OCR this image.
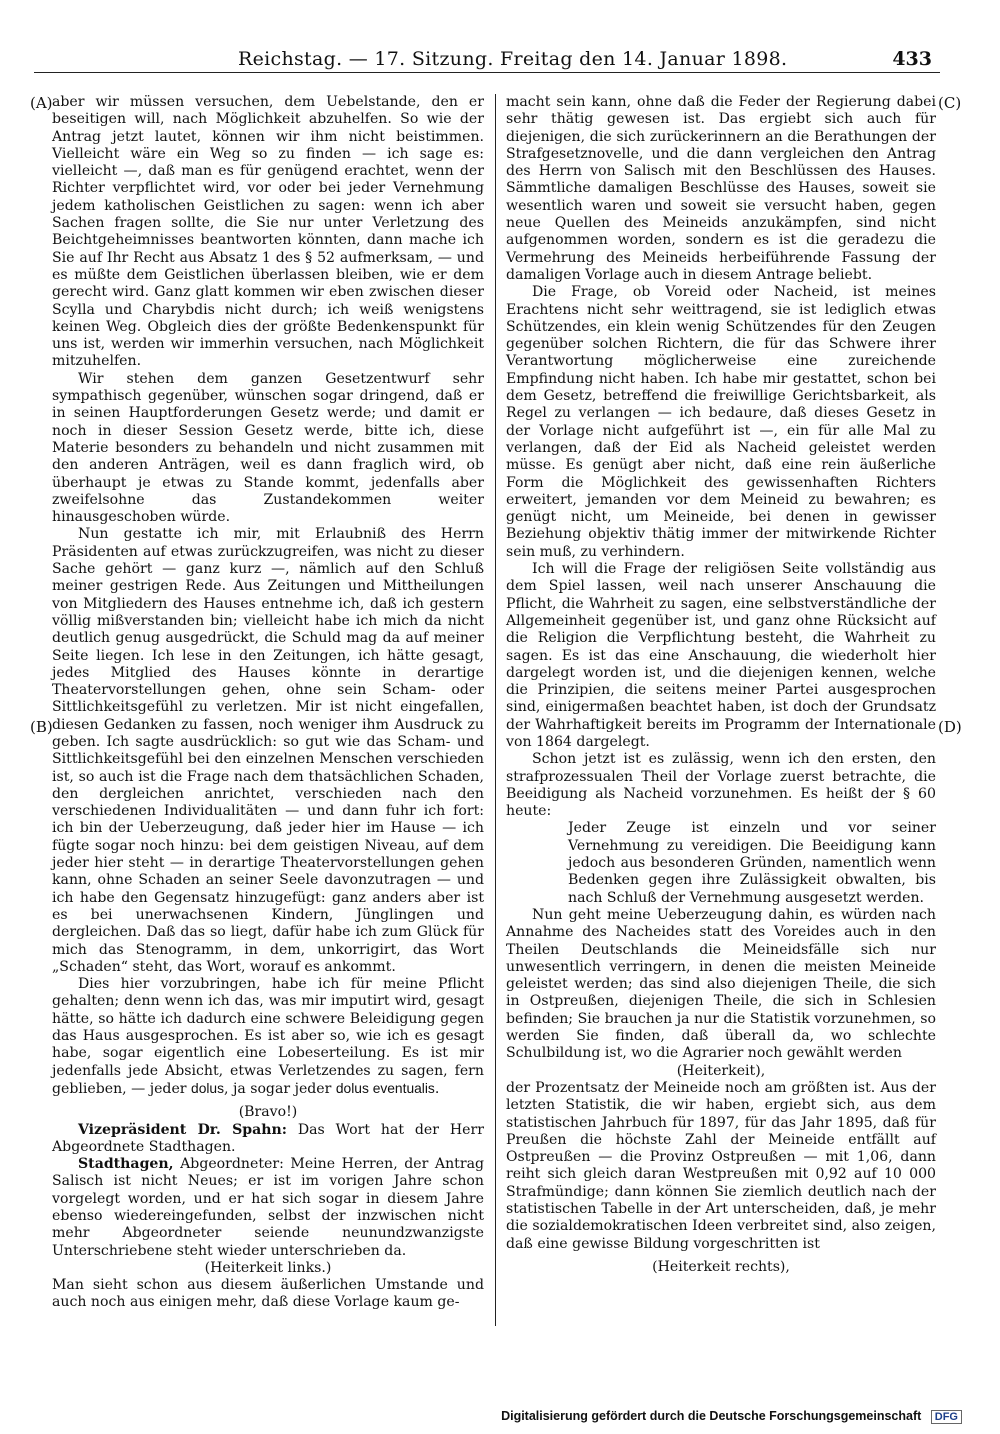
Reichstag. — 17. Sitzung. Freitag den 14. Januar 1898.	433
(A)
(B)
(C)
(D)

aber wir müssen versuchen, dem Uebelstande, den er beseitigen will, nach Möglichkeit abzuhelfen. So wie der Antrag jetzt lautet, können wir ihm nicht beistimmen. Vielleicht wäre ein Weg so zu finden — ich sage es: vielleicht —, daß man es für genügend erachtet, wenn der Richter verpflichtet wird, vor oder bei jeder Vernehmung jedem katholischen Geistlichen zu sagen: wenn ich aber Sachen fragen sollte, die Sie nur unter Verletzung des Beichtgeheimnisses beantworten könnten, dann mache ich Sie auf Ihr Recht aus Absatz 1 des § 52 aufmerksam, — und es müßte dem Geistlichen überlassen bleiben, wie er dem gerecht wird. Ganz glatt kommen wir eben zwischen dieser Scylla und Charybdis nicht durch; ich weiß wenigstens keinen Weg. Obgleich dies der größte Bedenkenspunkt für uns ist, werden wir immerhin versuchen, nach Möglichkeit mitzuhelfen.

Wir stehen dem ganzen Gesetzentwurf sehr sympathisch gegenüber, wünschen sogar dringend, daß er in seinen Hauptforderungen Gesetz werde; und damit er noch in dieser Session Gesetz werde, bitte ich, diese Materie besonders zu behandeln und nicht zusammen mit den anderen Anträgen, weil es dann fraglich wird, ob überhaupt je etwas zu Stande kommt, jedenfalls aber zweifelsohne das Zustandekommen weiter hinausgeschoben würde.

Nun gestatte ich mir, mit Erlaubniß des Herrn Präsidenten auf etwas zurückzugreifen, was nicht zu dieser Sache gehört — ganz kurz —, nämlich auf den Schluß meiner gestrigen Rede. Aus Zeitungen und Mittheilungen von Mitgliedern des Hauses entnehme ich, daß ich gestern völlig mißverstanden bin; vielleicht habe ich mich da nicht deutlich genug ausgedrückt, die Schuld mag da auf meiner Seite liegen. Ich lese in den Zeitungen, ich hätte gesagt, jedes Mitglied des Hauses könnte in derartige Theatervorstellungen gehen, ohne sein Scham- oder Sittlichkeitsgefühl zu verletzen. Mir ist nicht eingefallen, diesen Gedanken zu fassen, noch weniger ihm Ausdruck zu geben. Ich sagte ausdrücklich: so gut wie das Scham- und Sittlichkeitsgefühl bei den einzelnen Menschen verschieden ist, so auch ist die Frage nach dem thatsächlichen Schaden, den dergleichen anrichtet, verschieden nach den verschiedenen Individualitäten — und dann fuhr ich fort: ich bin der Ueberzeugung, daß jeder hier im Hause — ich fügte sogar noch hinzu: bei dem geistigen Niveau, auf dem jeder hier steht — in derartige Theatervorstellungen gehen kann, ohne Schaden an seiner Seele davonzutragen — und ich habe den Gegensatz hinzugefügt: ganz anders aber ist es bei unerwachsenen Kindern, Jünglingen und dergleichen. Daß das so liegt, dafür habe ich zum Glück für mich das Stenogramm, in dem, unkorrigirt, das Wort „Schaden“ steht, das Wort, worauf es ankommt.

Dies hier vorzubringen, habe ich für meine Pflicht gehalten; denn wenn ich das, was mir imputirt wird, gesagt hätte, so hätte ich dadurch eine schwere Beleidigung gegen das Haus ausgesprochen. Es ist aber so, wie ich es gesagt habe, sogar eigentlich eine Lobeserteilung. Es ist mir jedenfalls jede Absicht, etwas Verletzendes zu sagen, fern geblieben, — jeder dolus, ja sogar jeder dolus eventualis.

(Bravo!)

Vizepräsident Dr. Spahn: Das Wort hat der Herr Abgeordnete Stadthagen.

Stadthagen, Abgeordneter: Meine Herren, der Antrag Salisch ist nicht Neues; er ist im vorigen Jahre schon vorgelegt worden, und er hat sich sogar in diesem Jahre ebenso wiedereingefunden, selbst der inzwischen nicht mehr Abgeordneter seiende neunundzwanzigste Unterschriebene steht wieder unterschrieben da.

(Heiterkeit links.)

Man sieht schon aus diesem äußerlichen Umstande und auch noch aus einigen mehr, daß diese Vorlage kaum ge-

macht sein kann, ohne daß die Feder der Regierung dabei sehr thätig gewesen ist. Das ergiebt sich auch für diejenigen, die sich zurückerinnern an die Berathungen der Strafgesetznovelle, und die dann vergleichen den Antrag des Herrn von Salisch mit den Beschlüssen des Hauses. Sämmtliche damaligen Beschlüsse des Hauses, soweit sie wesentlich waren und soweit sie versucht haben, gegen neue Quellen des Meineids anzukämpfen, sind nicht aufgenommen worden, sondern es ist die geradezu die Vermehrung des Meineids herbeiführende Fassung der damaligen Vorlage auch in diesem Antrage beliebt.

Die Frage, ob Voreid oder Nacheid, ist meines Erachtens nicht sehr weittragend, sie ist lediglich etwas Schützendes, ein klein wenig Schützendes für den Zeugen gegenüber solchen Richtern, die für das Schwere ihrer Verantwortung möglicherweise eine zureichende Empfindung nicht haben. Ich habe mir gestattet, schon bei dem Gesetz, betreffend die freiwillige Gerichtsbarkeit, als Regel zu verlangen — ich bedaure, daß dieses Gesetz in der Vorlage nicht aufgeführt ist —, ein für alle Mal zu verlangen, daß der Eid als Nacheid geleistet werden müsse. Es genügt aber nicht, daß eine rein äußerliche Form die Möglichkeit des gewissenhaften Richters erweitert, jemanden vor dem Meineid zu bewahren; es genügt nicht, um Meineide, bei denen in gewisser Beziehung objektiv thätig immer der mitwirkende Richter sein muß, zu verhindern.

Ich will die Frage der religiösen Seite vollständig aus dem Spiel lassen, weil nach unserer Anschauung die Pflicht, die Wahrheit zu sagen, eine selbstverständliche der Allgemeinheit gegenüber ist, und ganz ohne Rücksicht auf die Religion die Verpflichtung besteht, die Wahrheit zu sagen. Es ist das eine Anschauung, die wiederholt hier dargelegt worden ist, und die diejenigen kennen, welche die Prinzipien, die seitens meiner Partei ausgesprochen sind, einigermaßen beachtet haben, ist doch der Grundsatz der Wahrhaftigkeit bereits im Programm der Internationale von 1864 dargelegt.

Schon jetzt ist es zulässig, wenn ich den ersten, den strafprozessualen Theil der Vorlage zuerst betrachte, die Beeidigung als Nacheid vorzunehmen. Es heißt der § 60 heute:

Jeder Zeuge ist einzeln und vor seiner Vernehmung zu vereidigen. Die Beeidigung kann jedoch aus besonderen Gründen, namentlich wenn Bedenken gegen ihre Zulässigkeit obwalten, bis nach Schluß der Vernehmung ausgesetzt werden.

Nun geht meine Ueberzeugung dahin, es würden nach Annahme des Nacheides statt des Voreides auch in den Theilen Deutschlands die Meineidsfälle sich nur unwesentlich verringern, in denen die meisten Meineide geleistet werden; das sind also diejenigen Theile, die sich in Ostpreußen, diejenigen Theile, die sich in Schlesien befinden; Sie brauchen ja nur die Statistik vorzunehmen, so werden Sie finden, daß überall da, wo schlechte Schulbildung ist, wo die Agrarier noch gewählt werden

(Heiterkeit),

der Prozentsatz der Meineide noch am größten ist. Aus der letzten Statistik, die wir haben, ergiebt sich, aus dem statistischen Jahrbuch für 1897, für das Jahr 1895, daß für Preußen die höchste Zahl der Meineide entfällt auf Ostpreußen — die Provinz Ostpreußen — mit 1,06, dann reiht sich gleich daran Westpreußen mit 0,92 auf 10 000 Strafmündige; dann können Sie ziemlich deutlich nach der statistischen Tabelle in der Art unterscheiden, daß, je mehr die sozialdemokratischen Ideen verbreitet sind, also zeigen, daß eine gewisse Bildung vorgeschritten ist

(Heiterkeit rechts),

Digitalisierung gefördert durch die Deutsche Forschungsgemeinschaft DFG
